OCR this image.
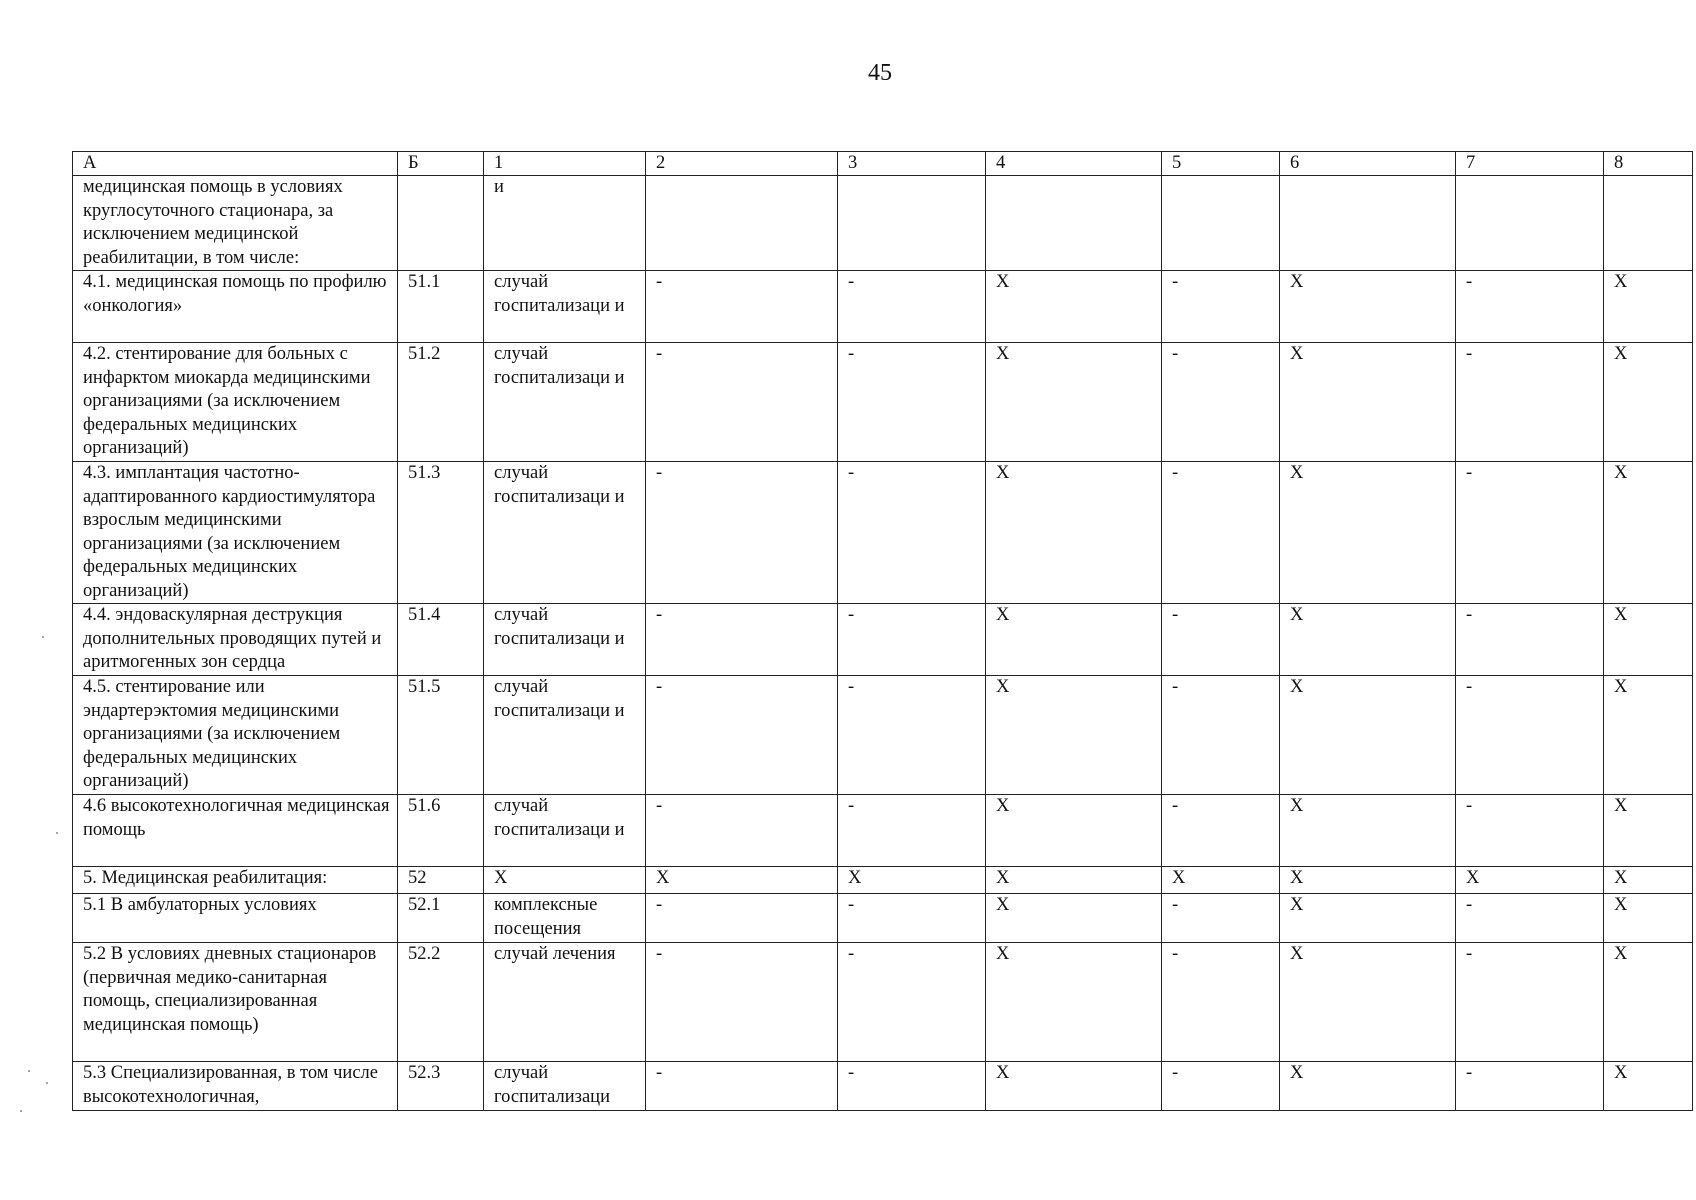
45
А	Б	1	2	3	4	5	6	7	8
медицинская помощь в условиях круглосуточного стационара, за исключением медицинской реабилитации, в том числе:		и							
4.1. медицинская помощь по профилю «онкология»	51.1	случай госпитализаци и	-	-	X	-	X	-	X
4.2. стентирование для больных с инфарктом миокарда медицинскими организациями (за исключением федеральных медицинских организаций)	51.2	случай госпитализаци и	-	-	X	-	X	-	X
4.3. имплантация частотно-адаптированного кардиостимулятора взрослым медицинскими организациями (за исключением федеральных медицинских организаций)	51.3	случай госпитализаци и	-	-	X	-	X	-	X
4.4. эндоваскулярная деструкция дополнительных проводящих путей и аритмогенных зон сердца	51.4	случай госпитализаци и	-	-	X	-	X	-	X
4.5. стентирование или эндартерэктомия медицинскими организациями (за исключением федеральных медицинских организаций)	51.5	случай госпитализаци и	-	-	X	-	X	-	X
4.6 высокотехнологичная медицинская помощь	51.6	случай госпитализаци и	-	-	X	-	X	-	X
5. Медицинская реабилитация:	52	X	X	X	X	X	X	X	X
5.1 В амбулаторных условиях	52.1	комплексные посещения	-	-	X	-	X	-	X
5.2 В условиях дневных стационаров (первичная медико-санитарная помощь, специализированная медицинская помощь)	52.2	случай лечения	-	-	X	-	X	-	X
5.3 Специализированная, в том числе высокотехнологичная,	52.3	случай госпитализаци	-	-	X	-	X	-	X
